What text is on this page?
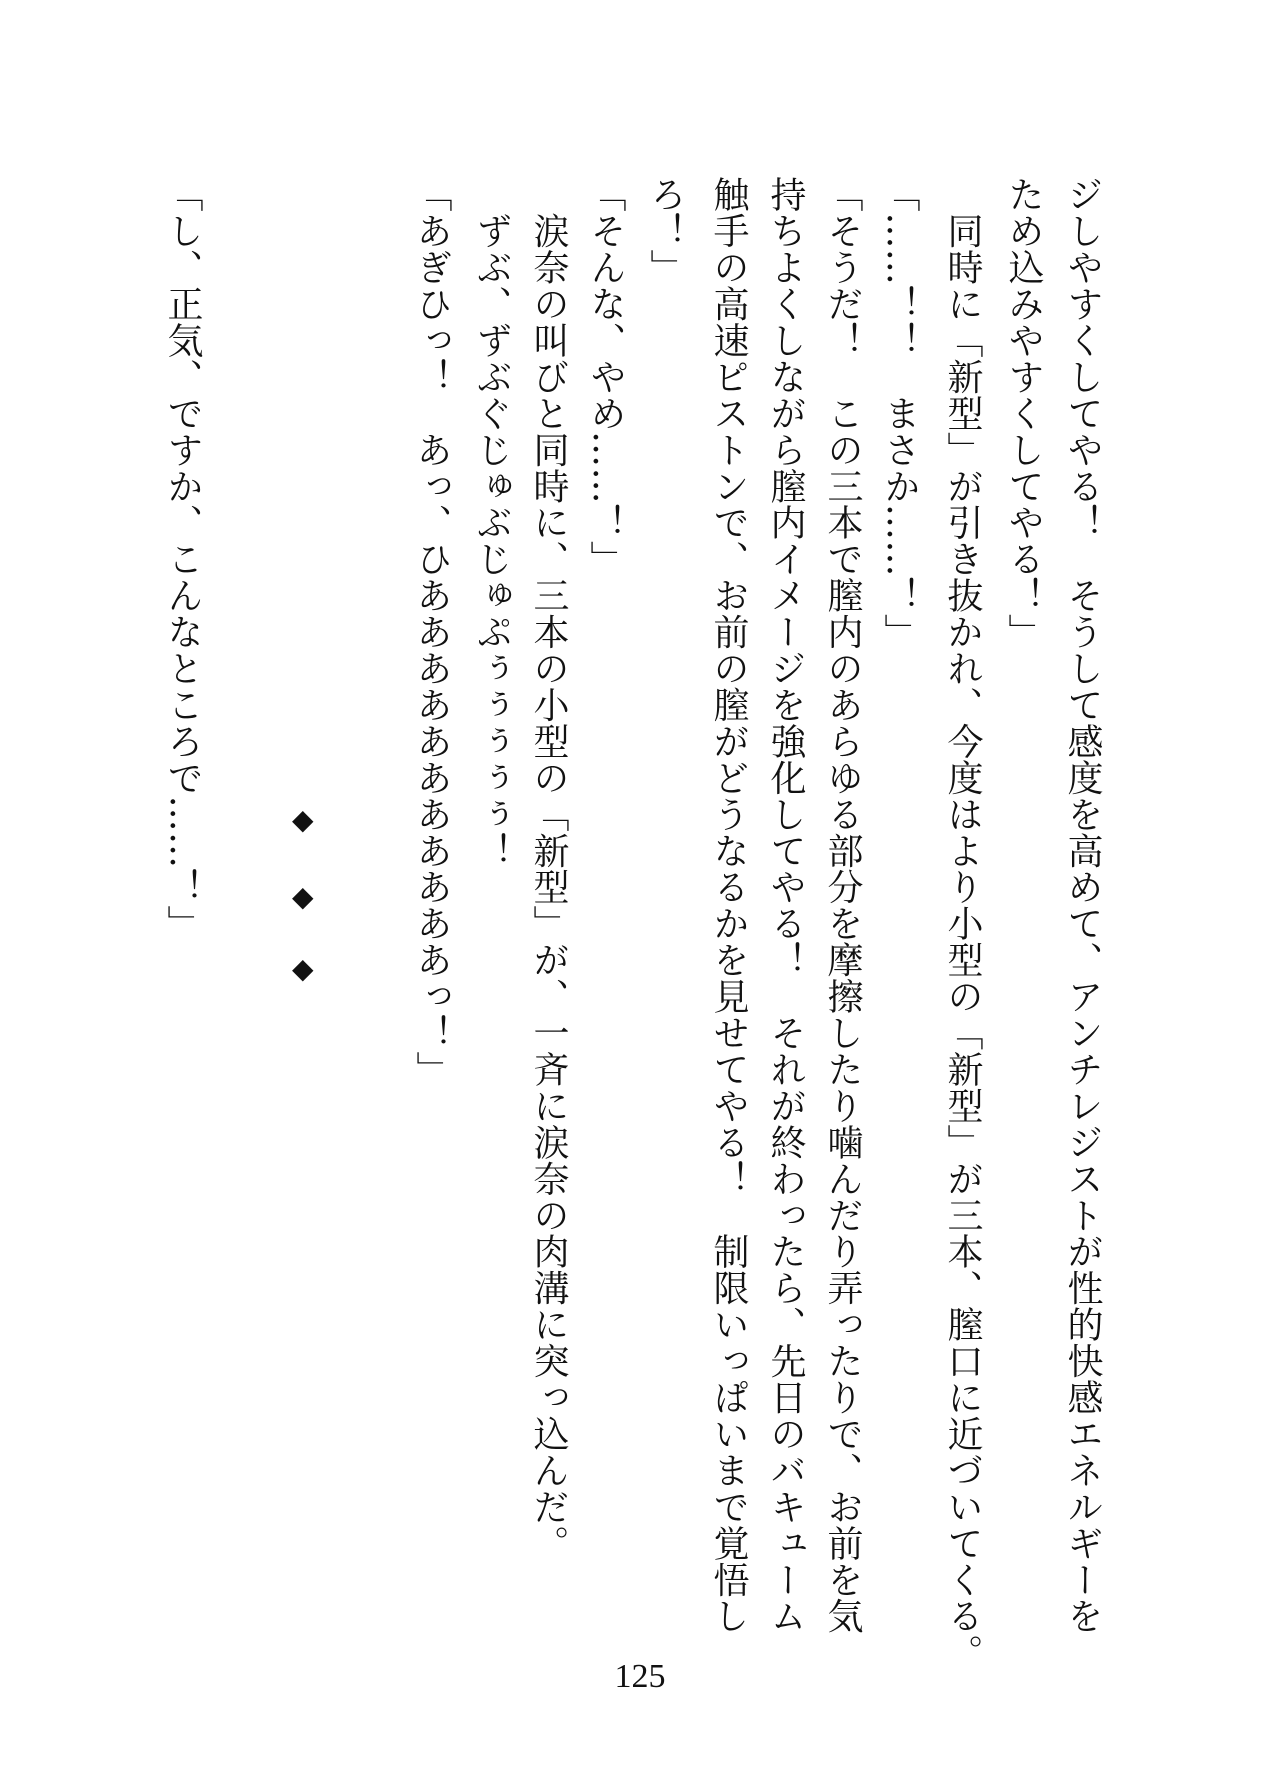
ジしやすくしてやる！　そうして感度を高めて、アンチレジストが性的快感エネルギーを
ため込みやすくしてやる！」
　同時に「新型」が引き抜かれ、今度はより小型の「新型」が三本、膣口に近づいてくる。
「……！！　まさか……！」
「そうだ！　この三本で膣内のあらゆる部分を摩擦したり噛んだり弄ったりで、お前を気
持ちよくしながら膣内イメージを強化してやる！　それが終わったら、先日のバキューム
触手の高速ピストンで、お前の膣がどうなるかを見せてやる！　制限いっぱいまで覚悟し
ろ！」
「そんな、やめ……！」
　涙奈の叫びと同時に、三本の小型の「新型」が、一斉に涙奈の肉溝に突っ込んだ。
　ずぶ、ずぶぐじゅぶじゅぷぅぅぅぅぅ！
「あぎひっ！　あっ、ひあああああああああああっ！」
◆
◆
◆
「し、正気、ですか、こんなところで……！」
125
